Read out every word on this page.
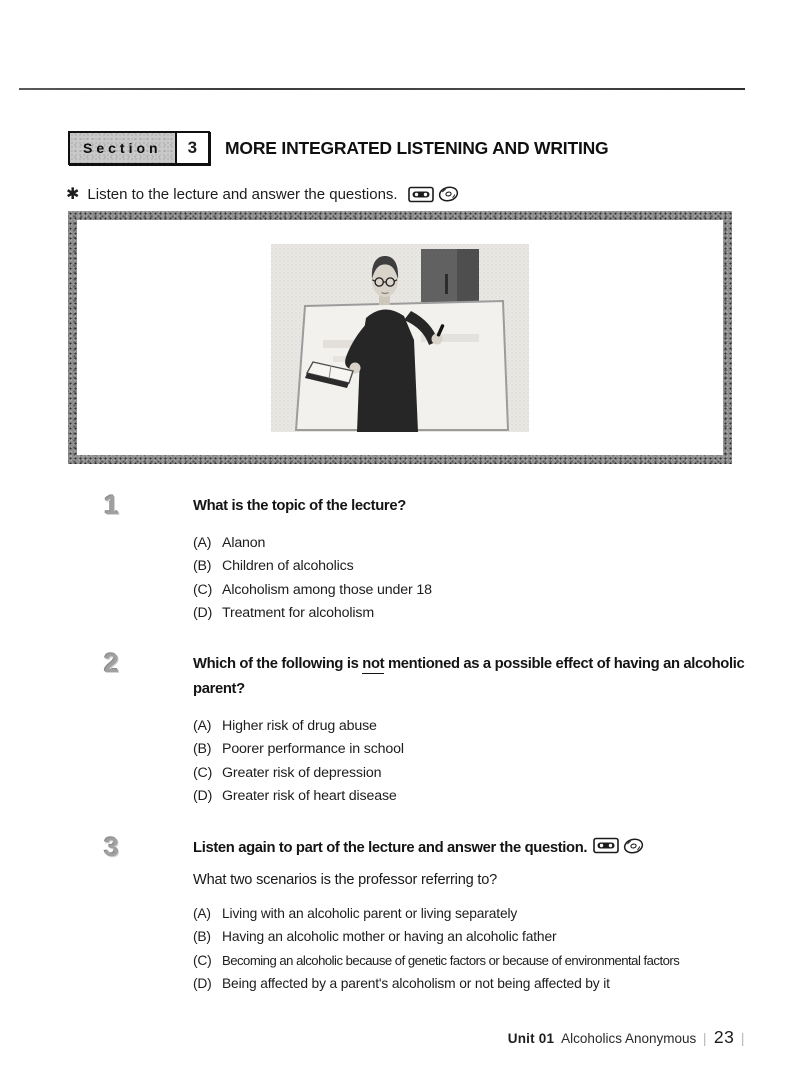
Section	3	MORE INTEGRATED LISTENING AND WRITING
✱ Listen to the lecture and answer the questions.
1	What is the topic of the lecture?

(A) Alanon
(B) Children of alcoholics
(C) Alcoholism among those under 18
(D) Treatment for alcoholism
2	Which of the following is not mentioned as a possible effect of having an alcoholic parent?

(A) Higher risk of drug abuse
(B) Poorer performance in school
(C) Greater risk of depression
(D) Greater risk of heart disease
3	Listen again to part of the lecture and answer the question.

What two scenarios is the professor referring to?

(A) Living with an alcoholic parent or living separately
(B) Having an alcoholic mother or having an alcoholic father
(C) Becoming an alcoholic because of genetic factors or because of environmental factors
(D) Being affected by a parent's alcoholism or not being affected by it
Unit 01 Alcoholics Anonymous | 23 |
